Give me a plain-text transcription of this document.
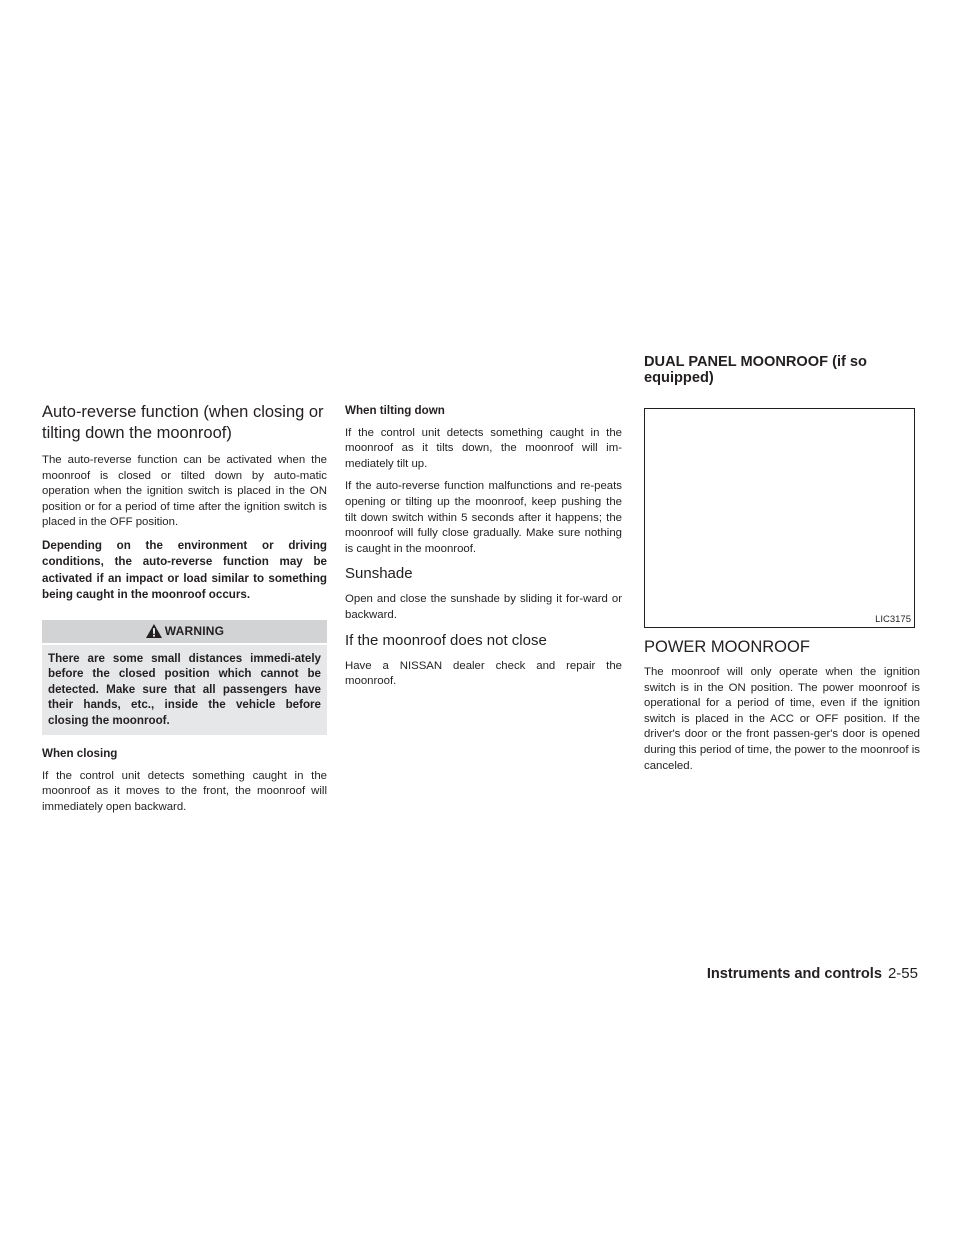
Auto-reverse function (when closing or tilting down the moonroof)

The auto-reverse function can be activated when the moonroof is closed or tilted down by auto-matic operation when the ignition switch is placed in the ON position or for a period of time after the ignition switch is placed in the OFF position.

Depending on the environment or driving conditions, the auto-reverse function may be activated if an impact or load similar to something being caught in the moonroof occurs.

WARNING
There are some small distances immedi-ately before the closed position which cannot be detected. Make sure that all passengers have their hands, etc., inside the vehicle before closing the moonroof.

When closing

If the control unit detects something caught in the moonroof as it moves to the front, the moonroof will immediately open backward.

When tilting down

If the control unit detects something caught in the moonroof as it tilts down, the moonroof will im-mediately tilt up.

If the auto-reverse function malfunctions and re-peats opening or tilting up the moonroof, keep pushing the tilt down switch within 5 seconds after it happens; the moonroof will fully close gradually. Make sure nothing is caught in the moonroof.

Sunshade

Open and close the sunshade by sliding it for-ward or backward.

If the moonroof does not close

Have a NISSAN dealer check and repair the moonroof.

DUAL PANEL MOONROOF (if so equipped)
LIC3175
POWER MOONROOF

The moonroof will only operate when the ignition switch is in the ON position. The power moonroof is operational for a period of time, even if the ignition switch is placed in the ACC or OFF position. If the driver's door or the front passen-ger's door is opened during this period of time, the power to the moonroof is canceled.

Instruments and controls 2-55
